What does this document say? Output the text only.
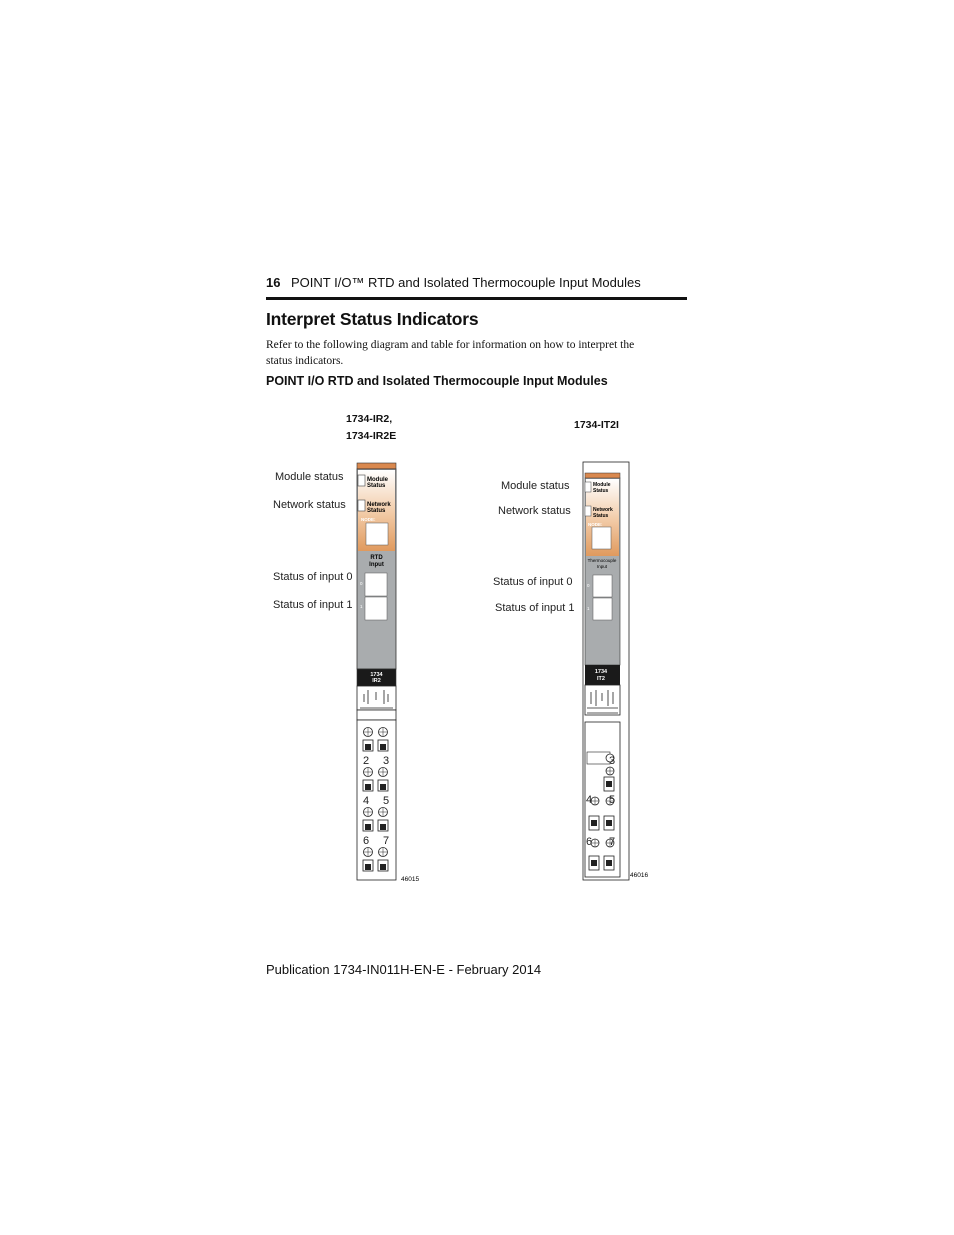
16 POINT I/O™ RTD and Isolated Thermocouple Input Modules
Interpret Status Indicators
Refer to the following diagram and table for information on how to interpret the
status indicators.
POINT I/O RTD and Isolated Thermocouple Input Modules
1734-IR2,
1734-IR2E
Module status
Network status
Status of input 0
Status of input 1
1734-IT2I
Module status
Network status
Status of input 0
Status of input 1
Module
Status
Network
Status
NODE:
RTD
Input
0
1
1734
IR2
2 3
4 5
6 7
46015
Module
Status
Network
Status
NODE:
Thermocouple
Input
0
1
1734
IT2
3
4 5
6 7
46016
Publication 1734-IN011H-EN-E - February 2014
